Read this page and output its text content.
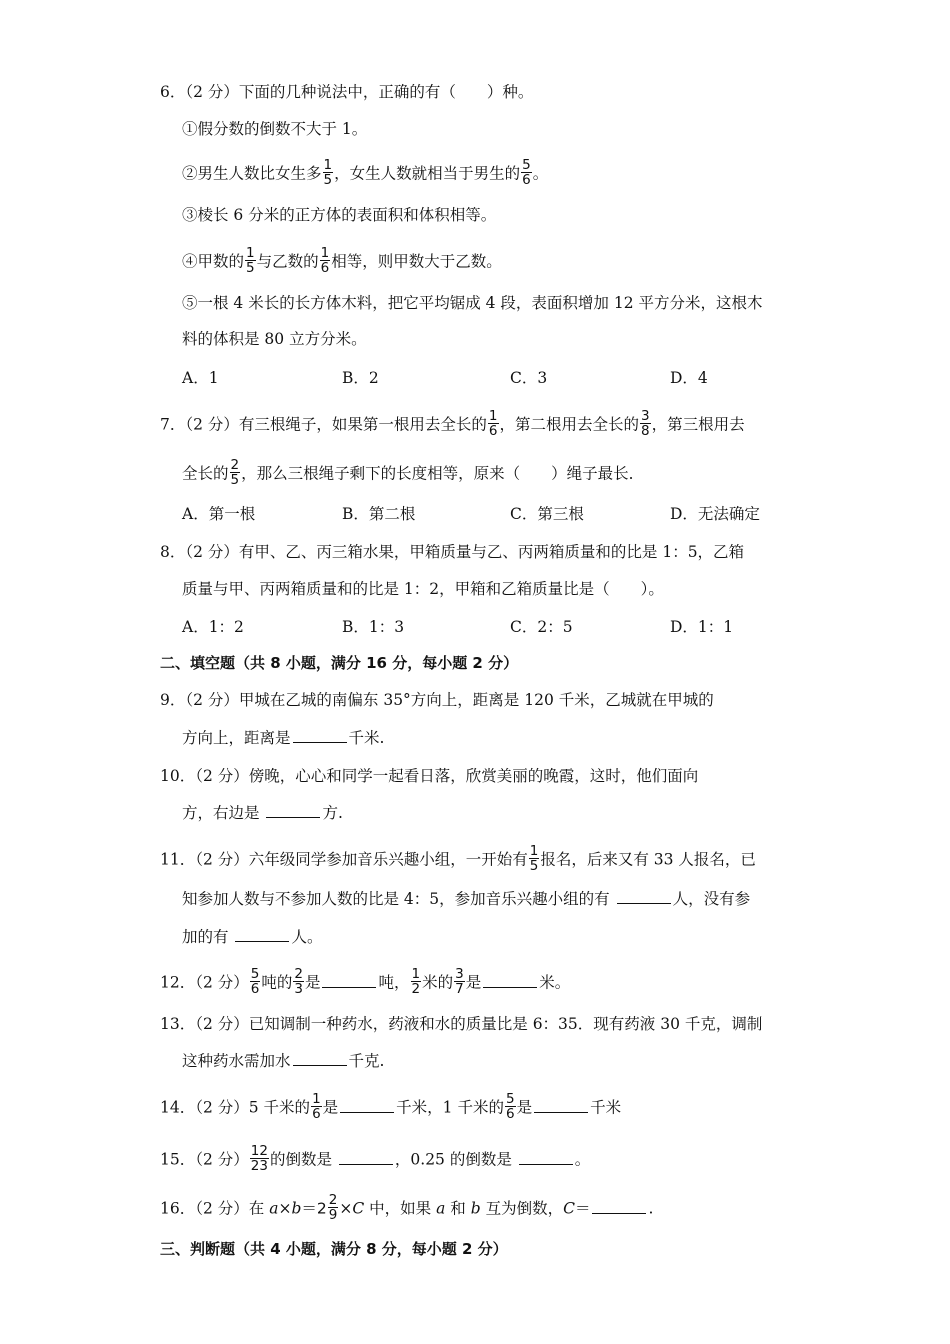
6．（2 分）下面的几种说法中，正确的有（　　）种。
①假分数的倒数不大于 1。
②男生人数比女生多 $\frac{1}{5}$ ，女生人数就相当于男生的 $\frac{5}{6}$ 。
③棱长 6 分米的正方体的表面积和体积相等。
④甲数的 $\frac{1}{5}$ 与乙数的 $\frac{1}{6}$ 相等，则甲数大于乙数。
⑤一根 4 米长的长方体木料，把它平均锯成 4 段，表面积增加 12 平方分米，这根木
料的体积是 80 立方分米。
A．1	B．2	C．3	D．4
7．（2 分）有三根绳子，如果第一根用去全长的 $\frac{1}{6}$ ，第二根用去全长的 $\frac{3}{8}$ ，第三根用去
全长的 $\frac{2}{5}$ ，那么三根绳子剩下的长度相等，原来（　　）绳子最长．
A．第一根	B．第二根	C．第三根	D．无法确定
8．（2 分）有甲、乙、丙三箱水果，甲箱质量与乙、丙两箱质量和的比是 1：5，乙箱
质量与甲、丙两箱质量和的比是 1：2，甲箱和乙箱质量比是（　　）。
A．1：2	B．1：3	C．2：5	D．1：1
二、填空题（共 8 小题，满分 16 分，每小题 2 分）
9．（2 分）甲城在乙城的南偏东 35°方向上，距离是 120 千米，乙城就在甲城的
方向上，距离是	千米.
10．（2 分）傍晚，心心和同学一起看日落，欣赏美丽的晚霞，这时，他们面向
方，右边是	方.
11．（2 分）六年级同学参加音乐兴趣小组，一开始有 $\frac{1}{5}$ 报名，后来又有 33 人报名，已
知参加人数与不参加人数的比是 4：5，参加音乐兴趣小组的有	人，没有参
加的有	人。
12．（2 分） $\frac{5}{6}$ 吨的 $\frac{2}{3}$ 是	吨， $\frac{1}{2}$ 米的 $\frac{3}{7}$ 是	米。
13．（2 分）已知调制一种药水，药液和水的质量比是 6：35．现有药液 30 千克，调制
这种药水需加水	千克.
14．（2 分）5 千米的 $\frac{1}{6}$ 是	千米，1 千米的 $\frac{5}{6}$ 是	千米
15．（2 分） $\frac{12}{23}$ 的倒数是	，0.25 的倒数是	。
16．（2 分）在 $a\times b=2 \frac{2}{9} \times C$ 中，如果 a 和 b 互为倒数，C＝	.
三、判断题（共 4 小题，满分 8 分，每小题 2 分）
